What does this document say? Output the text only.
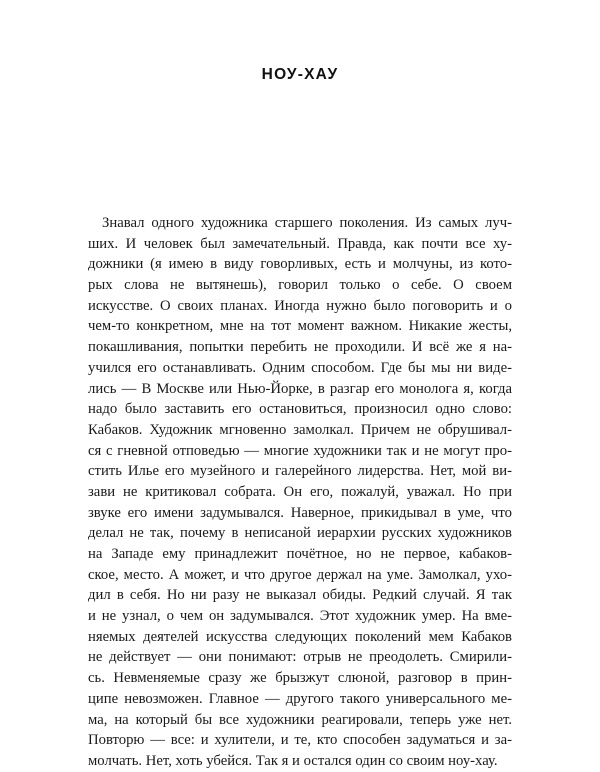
НОУ-ХАУ
Знавал одного художника старшего поколения. Из самых луч-
ших. И человек был замечательный. Правда, как почти все ху-
дожники (я имею в виду говорливых, есть и молчуны, из кото-
рых слова не вытянешь), говорил только о себе. О своем
искусстве. О своих планах. Иногда нужно было поговорить и о
чем-то конкретном, мне на тот момент важном. Никакие жесты,
покашливания, попытки перебить не проходили. И всё же я на-
учился его останавливать. Одним способом. Где бы мы ни виде-
лись — В Москве или Нью-Йорке, в разгар его монолога я, когда
надо было заставить его остановиться, произносил одно слово:
Кабаков. Художник мгновенно замолкал. Причем не обрушивал-
ся с гневной отповедью — многие художники так и не могут про-
стить Илье его музейного и галерейного лидерства. Нет, мой ви-
зави не критиковал собрата. Он его, пожалуй, уважал. Но при
звуке его имени задумывался. Наверное, прикидывал в уме, что
делал не так, почему в неписаной иерархии русских художников
на Западе ему принадлежит почётное, но не первое, кабаков-
ское, место. А может, и что другое держал на уме. Замолкал, ухо-
дил в себя. Но ни разу не выказал обиды. Редкий случай. Я так
и не узнал, о чем он задумывался. Этот художник умер. На вме-
няемых деятелей искусства следующих поколений мем Кабаков
не действует — они понимают: отрыв не преодолеть. Смирили-
сь. Невменяемые сразу же брызжут слюной, разговор в прин-
ципе невозможен. Главное — другого такого универсального ме-
ма, на который бы все художники реагировали, теперь уже нет.
Повторю — все: и хулители, и те, кто способен задуматься и за-
молчать. Нет, хоть убейся. Так я и остался один со своим ноу-хау.
